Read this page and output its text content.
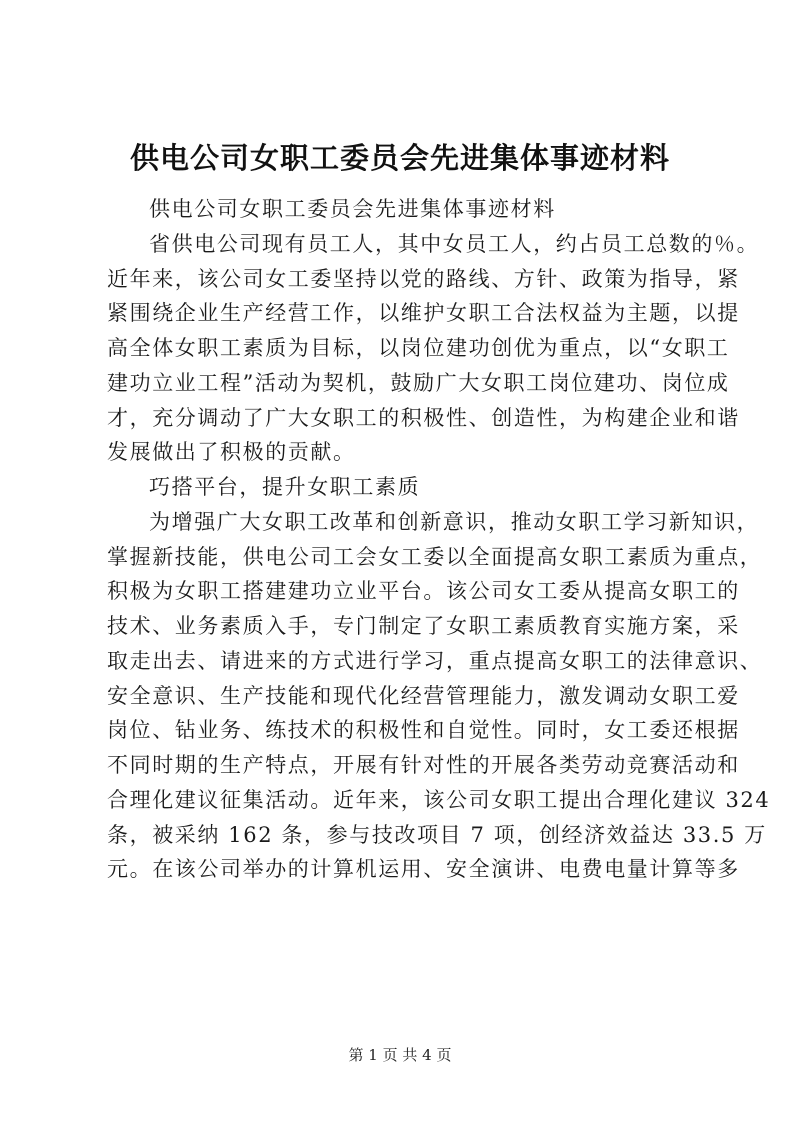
供电公司女职工委员会先进集体事迹材料
供电公司女职工委员会先进集体事迹材料
省供电公司现有员工人，其中女员工人，约占员工总数的％。
近年来，该公司女工委坚持以党的路线、方针、政策为指导，紧
紧围绕企业生产经营工作，以维护女职工合法权益为主题，以提
高全体女职工素质为目标，以岗位建功创优为重点，以“女职工
建功立业工程”活动为契机，鼓励广大女职工岗位建功、岗位成
才，充分调动了广大女职工的积极性、创造性，为构建企业和谐
发展做出了积极的贡献。
巧搭平台，提升女职工素质
为增强广大女职工改革和创新意识，推动女职工学习新知识，
掌握新技能，供电公司工会女工委以全面提高女职工素质为重点，
积极为女职工搭建建功立业平台。该公司女工委从提高女职工的
技术、业务素质入手，专门制定了女职工素质教育实施方案，采
取走出去、请进来的方式进行学习，重点提高女职工的法律意识、
安全意识、生产技能和现代化经营管理能力，激发调动女职工爱
岗位、钻业务、练技术的积极性和自觉性。同时，女工委还根据
不同时期的生产特点，开展有针对性的开展各类劳动竞赛活动和
合理化建议征集活动。近年来，该公司女职工提出合理化建议 324
条，被采纳 162 条，参与技改项目 7 项，创经济效益达 33.5 万
元。在该公司举办的计算机运用、安全演讲、电费电量计算等多
第 1 页 共 4 页
